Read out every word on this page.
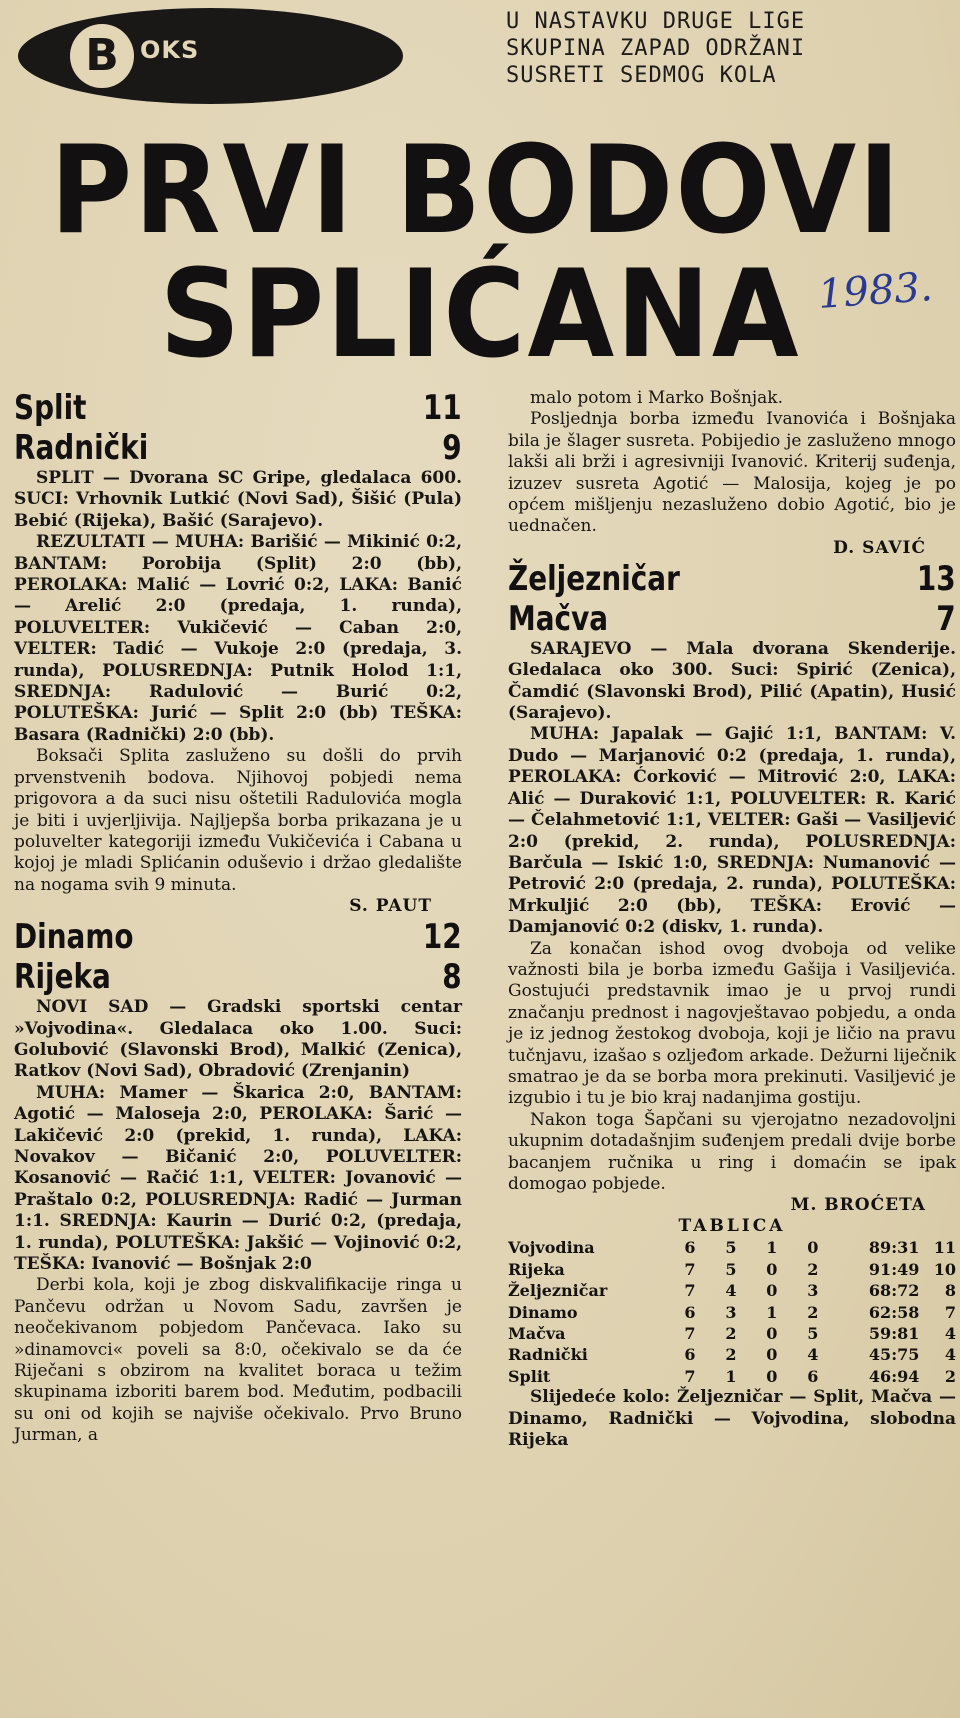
B OKS
U NASTAVKU DRUGE LIGE
SKUPINA ZAPAD ODRŽANI
SUSRETI SEDMOG KOLA
PRVI BODOVI
SPLIĆANA 1983.
Split	11
Radnički	9

SPLIT — Dvorana SC Gripe, gledalaca 600. SUCI: Vrhovnik Lutkić (Novi Sad), Šišić (Pula) Bebić (Rijeka), Bašić (Sarajevo).

REZULTATI — MUHA: Barišić — Mikinić 0:2, BANTAM: Porobija (Split) 2:0 (bb), PEROLAKA: Malić — Lovrić 0:2, LAKA: Banić — Arelić 2:0 (predaja, 1. runda), POLUVELTER: Vukičević — Caban 2:0, VELTER: Tadić — Vukoje 2:0 (predaja, 3. runda), POLUSREDNJA: Putnik Holod 1:1, SREDNJA: Radulović — Burić 0:2, POLUTEŠKA: Jurić — Split 2:0 (bb) TEŠKA: Basara (Radnički) 2:0 (bb).

Boksači Splita zasluženo su došli do prvih prvenstvenih bodova. Njihovoj pobjedi nema prigovora a da suci nisu oštetili Radulovića mogla je biti i uvjerljivija. Najljepša borba prikazana je u poluvelter kategoriji između Vukičevića i Cabana u kojoj je mladi Splićanin oduševio i držao gledalište na nogama svih 9 minuta.

S. PAUT
Dinamo	12
Rijeka	8

NOVI SAD — Gradski sportski centar »Vojvodina«. Gledalaca oko 1.00. Suci: Golubović (Slavonski Brod), Malkić (Zenica), Ratkov (Novi Sad), Obradović (Zrenjanin)

MUHA: Mamer — Škarica 2:0, BANTAM: Agotić — Maloseja 2:0, PEROLAKA: Šarić — Lakičević 2:0 (prekid, 1. runda), LAKA: Novakov — Bičanić 2:0, POLUVELTER: Kosanović — Račić 1:1, VELTER: Jovanović — Praštalo 0:2, POLUSREDNJA: Radić — Jurman 1:1. SREDNJA: Kaurin — Durić 0:2, (predaja, 1. runda), POLUTEŠKA: Jakšić — Vojinović 0:2, TEŠKA: Ivanović — Bošnjak 2:0

Derbi kola, koji je zbog diskvalifikacije ringa u Pančevu održan u Novom Sadu, završen je neočekivanom pobjedom Pančevaca. Iako su »dinamovci« poveli sa 8:0, očekivalo se da će Riječani s obzirom na kvalitet boraca u težim skupinama izboriti barem bod. Međutim, podbacili su oni od kojih se najviše očekivalo. Prvo Bruno Jurman, a

malo potom i Marko Bošnjak.

Posljednja borba između Ivanovića i Bošnjaka bila je šlager susreta. Pobijedio je zasluženo mnogo lakši ali brži i agresivniji Ivanović. Kriterij suđenja, izuzev susreta Agotić — Malosija, kojeg je po općem mišljenju nezasluženo dobio Agotić, bio je uednačen.

D. SAVIĆ
Željezničar	13
Mačva	7

SARAJEVO — Mala dvorana Skenderije. Gledalaca oko 300. Suci: Spirić (Zenica), Čamdić (Slavonski Brod), Pilić (Apatin), Husić (Sarajevo).

MUHA: Japalak — Gajić 1:1, BANTAM: V. Dudo — Marjanović 0:2 (predaja, 1. runda), PEROLAKA: Ćorković — Mitrović 2:0, LAKA: Alić — Duraković 1:1, POLUVELTER: R. Karić — Čelahmetović 1:1, VELTER: Gaši — Vasiljević 2:0 (prekid, 2. runda), POLUSREDNJA: Barčula — Iskić 1:0, SREDNJA: Numanović — Petrović 2:0 (predaja, 2. runda), POLUTEŠKA: Mrkuljić 2:0 (bb), TEŠKA: Erović — Damjanović 0:2 (diskv, 1. runda).

Za konačan ishod ovog dvoboja od velike važnosti bila je borba između Gašija i Vasiljevića. Gostujući predstavnik imao je u prvoj rundi značanju prednost i nagovještavao pobjedu, a onda je iz jednog žestokog dvoboja, koji je ličio na pravu tučnjavu, izašao s ozljeđom arkade. Dežurni liječnik smatrao je da se borba mora prekinuti. Vasiljević je izgubio i tu je bio kraj nadanjima gostiju.

Nakon toga Šapčani su vjerojatno nezadovoljni ukupnim dotadašnjim suđenjem predali dvije borbe bacanjem ručnika u ring i domaćin se ipak domogao pobjede.

M. BROĆETA
TABLICA
Vojvodina	6	5	1	0	89:31	11
Rijeka	7	5	0	2	91:49	10
Željezničar	7	4	0	3	68:72	8
Dinamo	6	3	1	2	62:58	7
Mačva	7	2	0	5	59:81	4
Radnički	6	2	0	4	45:75	4
Split	7	1	0	6	46:94	2

Slijedeće kolo: Željezničar — Split, Mačva — Dinamo, Radnički — Vojvodina, slobodna Rijeka
